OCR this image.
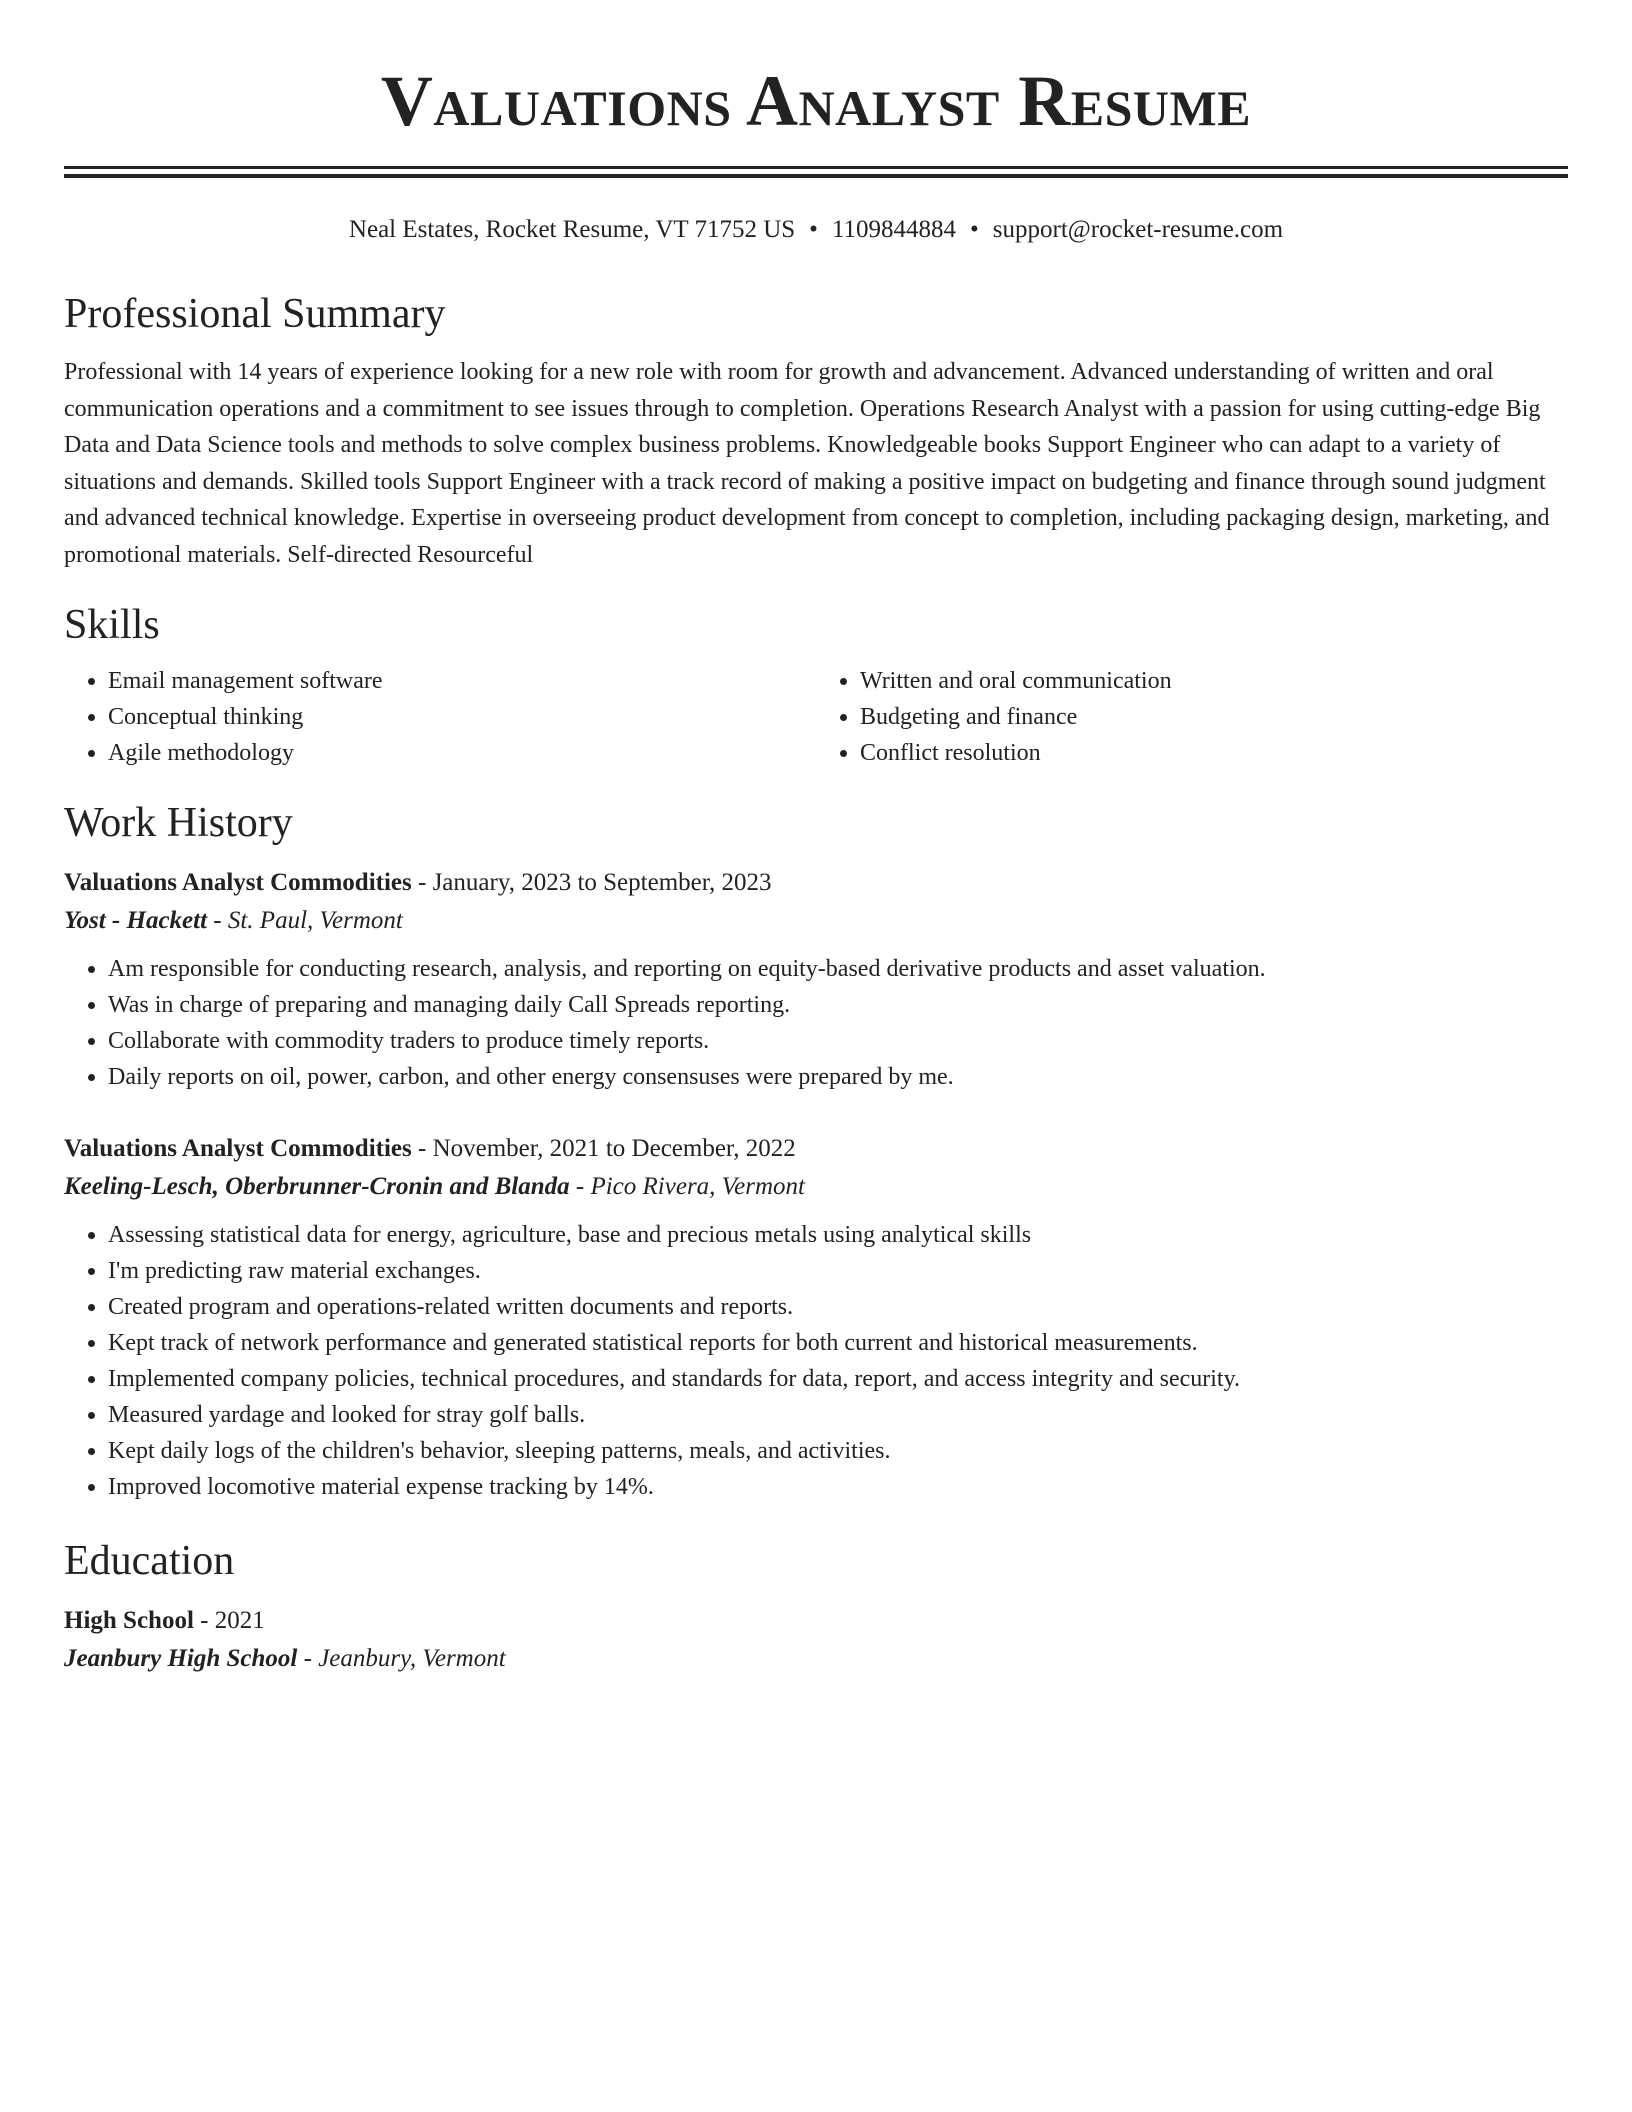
Valuations Analyst Resume
Neal Estates, Rocket Resume, VT 71752 US • 1109844884 • support@rocket-resume.com
Professional Summary

Professional with 14 years of experience looking for a new role with room for growth and advancement. Advanced understanding of written and oral communication operations and a commitment to see issues through to completion. Operations Research Analyst with a passion for using cutting-edge Big Data and Data Science tools and methods to solve complex business problems. Knowledgeable books Support Engineer who can adapt to a variety of situations and demands. Skilled tools Support Engineer with a track record of making a positive impact on budgeting and finance through sound judgment and advanced technical knowledge. Expertise in overseeing product development from concept to completion, including packaging design, marketing, and promotional materials. Self-directed Resourceful

Skills
• Email management software
• Conceptual thinking
• Agile methodology
• Written and oral communication
• Budgeting and finance
• Conflict resolution
Work History
Valuations Analyst Commodities - January, 2023 to September, 2023
Yost - Hackett - St. Paul, Vermont
• Am responsible for conducting research, analysis, and reporting on equity-based derivative products and asset valuation.
• Was in charge of preparing and managing daily Call Spreads reporting.
• Collaborate with commodity traders to produce timely reports.
• Daily reports on oil, power, carbon, and other energy consensuses were prepared by me.
Valuations Analyst Commodities - November, 2021 to December, 2022
Keeling-Lesch, Oberbrunner-Cronin and Blanda - Pico Rivera, Vermont
• Assessing statistical data for energy, agriculture, base and precious metals using analytical skills
• I'm predicting raw material exchanges.
• Created program and operations-related written documents and reports.
• Kept track of network performance and generated statistical reports for both current and historical measurements.
• Implemented company policies, technical procedures, and standards for data, report, and access integrity and security.
• Measured yardage and looked for stray golf balls.
• Kept daily logs of the children's behavior, sleeping patterns, meals, and activities.
• Improved locomotive material expense tracking by 14%.
Education
High School - 2021
Jeanbury High School - Jeanbury, Vermont
